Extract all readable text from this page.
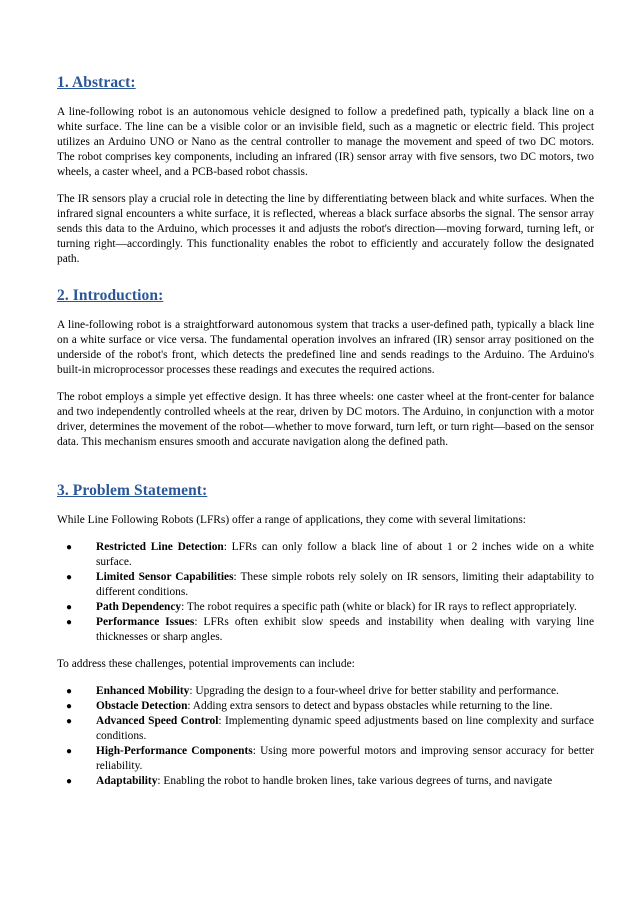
1. Abstract:

A line-following robot is an autonomous vehicle designed to follow a predefined path, typically a black line on a white surface. The line can be a visible color or an invisible field, such as a magnetic or electric field. This project utilizes an Arduino UNO or Nano as the central controller to manage the movement and speed of two DC motors. The robot comprises key components, including an infrared (IR) sensor array with five sensors, two DC motors, two wheels, a caster wheel, and a PCB-based robot chassis.

The IR sensors play a crucial role in detecting the line by differentiating between black and white surfaces. When the infrared signal encounters a white surface, it is reflected, whereas a black surface absorbs the signal. The sensor array sends this data to the Arduino, which processes it and adjusts the robot's direction—moving forward, turning left, or turning right—accordingly. This functionality enables the robot to efficiently and accurately follow the designated path.

2. Introduction:

A line-following robot is a straightforward autonomous system that tracks a user-defined path, typically a black line on a white surface or vice versa. The fundamental operation involves an infrared (IR) sensor array positioned on the underside of the robot's front, which detects the predefined line and sends readings to the Arduino. The Arduino's built-in microprocessor processes these readings and executes the required actions.

The robot employs a simple yet effective design. It has three wheels: one caster wheel at the front-center for balance and two independently controlled wheels at the rear, driven by DC motors. The Arduino, in conjunction with a motor driver, determines the movement of the robot—whether to move forward, turn left, or turn right—based on the sensor data. This mechanism ensures smooth and accurate navigation along the defined path.

3. Problem Statement:

While Line Following Robots (LFRs) offer a range of applications, they come with several limitations:

● Restricted Line Detection: LFRs can only follow a black line of about 1 or 2 inches wide on a white surface.
● Limited Sensor Capabilities: These simple robots rely solely on IR sensors, limiting their adaptability to different conditions.
● Path Dependency: The robot requires a specific path (white or black) for IR rays to reflect appropriately.
● Performance Issues: LFRs often exhibit slow speeds and instability when dealing with varying line thicknesses or sharp angles.

To address these challenges, potential improvements can include:

● Enhanced Mobility: Upgrading the design to a four-wheel drive for better stability and performance.
● Obstacle Detection: Adding extra sensors to detect and bypass obstacles while returning to the line.
● Advanced Speed Control: Implementing dynamic speed adjustments based on line complexity and surface conditions.
● High-Performance Components: Using more powerful motors and improving sensor accuracy for better reliability.
● Adaptability: Enabling the robot to handle broken lines, take various degrees of turns, and navigate
